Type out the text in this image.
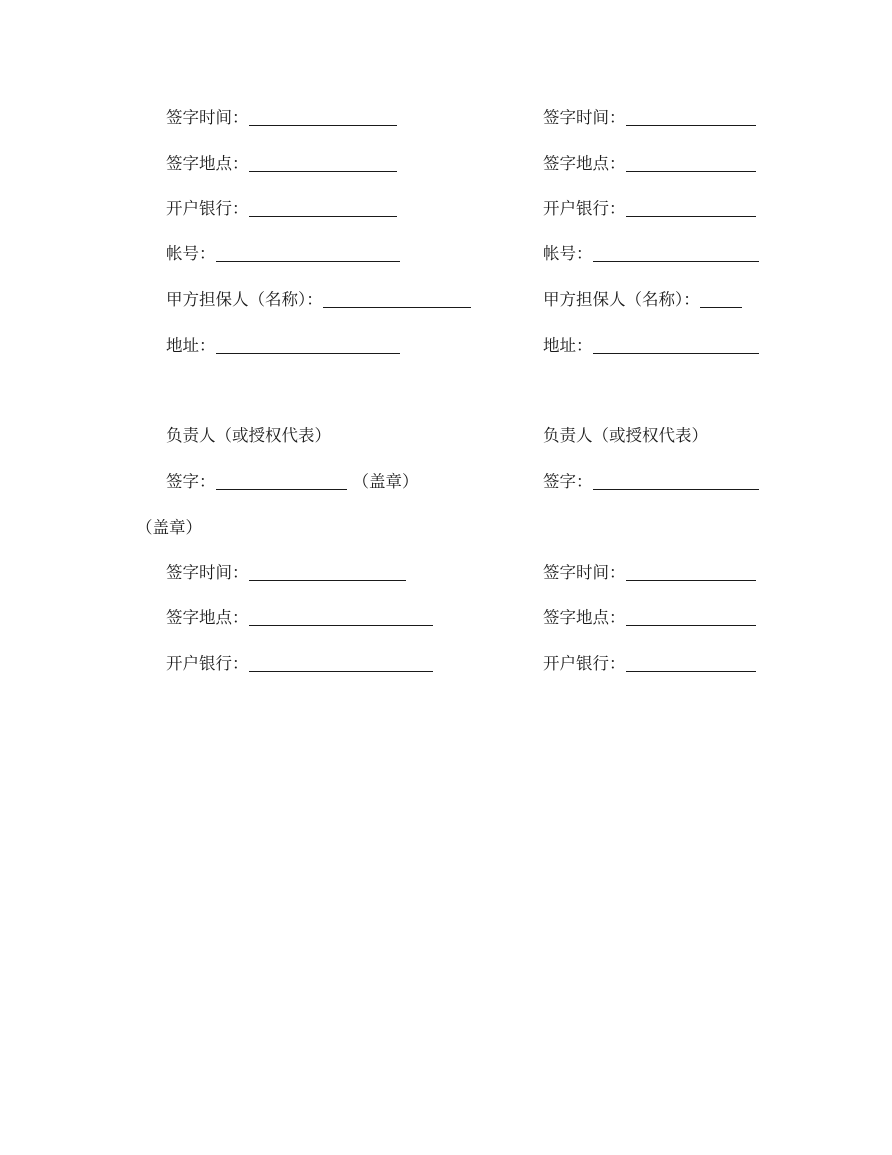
签字时间：
签字地点：
开户银行：
帐号：
甲方担保人（名称）：
地址：
负责人（或授权代表）
签字：	（盖章）
（盖章）
签字时间：
签字地点：
开户银行：
签字时间：
签字地点：
开户银行：
帐号：
甲方担保人（名称）：
地址：
负责人（或授权代表）
签字：
签字时间：
签字地点：
开户银行：
